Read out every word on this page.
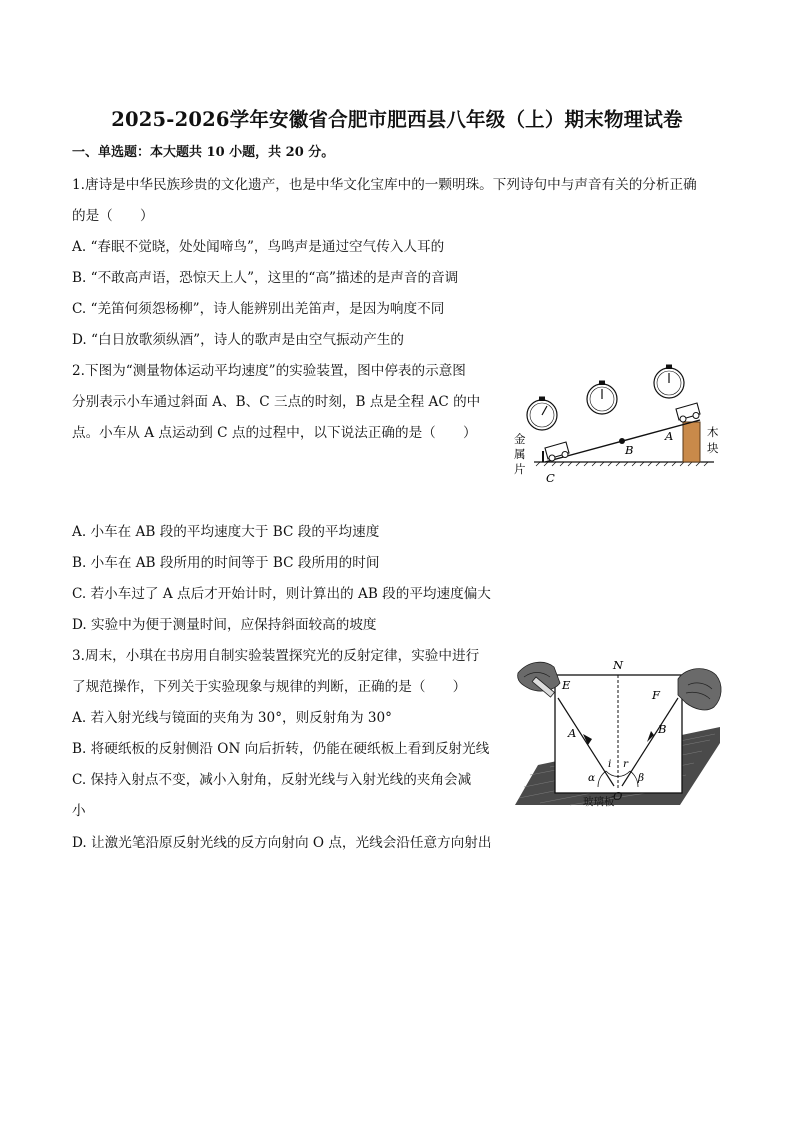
2025-2026学年安徽省合肥市肥西县八年级（上）期末物理试卷
一、单选题：本大题共 10 小题，共 20 分。
1.唐诗是中华民族珍贵的文化遗产，也是中华文化宝库中的一颗明珠。下列诗句中与声音有关的分析正确
的是（　　）
A. “春眠不觉晓，处处闻啼鸟”，鸟鸣声是通过空气传入人耳的
B. “不敢高声语，恐惊天上人”，这里的“高”描述的是声音的音调
C. “羌笛何须怨杨柳”，诗人能辨别出羌笛声，是因为响度不同
D. “白日放歌须纵酒”，诗人的歌声是由空气振动产生的
2.下图为“测量物体运动平均速度”的实验装置，图中停表的示意图
分别表示小车通过斜面 A、B、C 三点的时刻，B 点是全程 AC 的中
点。小车从 A 点运动到 C 点的过程中，以下说法正确的是（　　）	金
属
片
木
块
A
B
C
A. 小车在 AB 段的平均速度大于 BC 段的平均速度
B. 小车在 AB 段所用的时间等于 BC 段所用的时间
C. 若小车过了 A 点后才开始计时，则计算出的 AB 段的平均速度偏大
D. 实验中为便于测量时间，应保持斜面较高的坡度
3.周末，小琪在书房用自制实验装置探究光的反射定律，实验中进行
了规范操作，下列关于实验现象与规律的判断，正确的是（　　）
A. 若入射光线与镜面的夹角为 30°，则反射角为 30°
B. 将硬纸板的反射侧沿 ON 向后折转，仍能在硬纸板上看到反射光线
C. 保持入射点不变，减小入射角，反射光线与入射光线的夹角会减
小
D. 让激光笔沿原反射光线的反方向射向 O 点，光线会沿任意方向射出
N
E
F
A	B
i r
α	β
O
玻璃板
